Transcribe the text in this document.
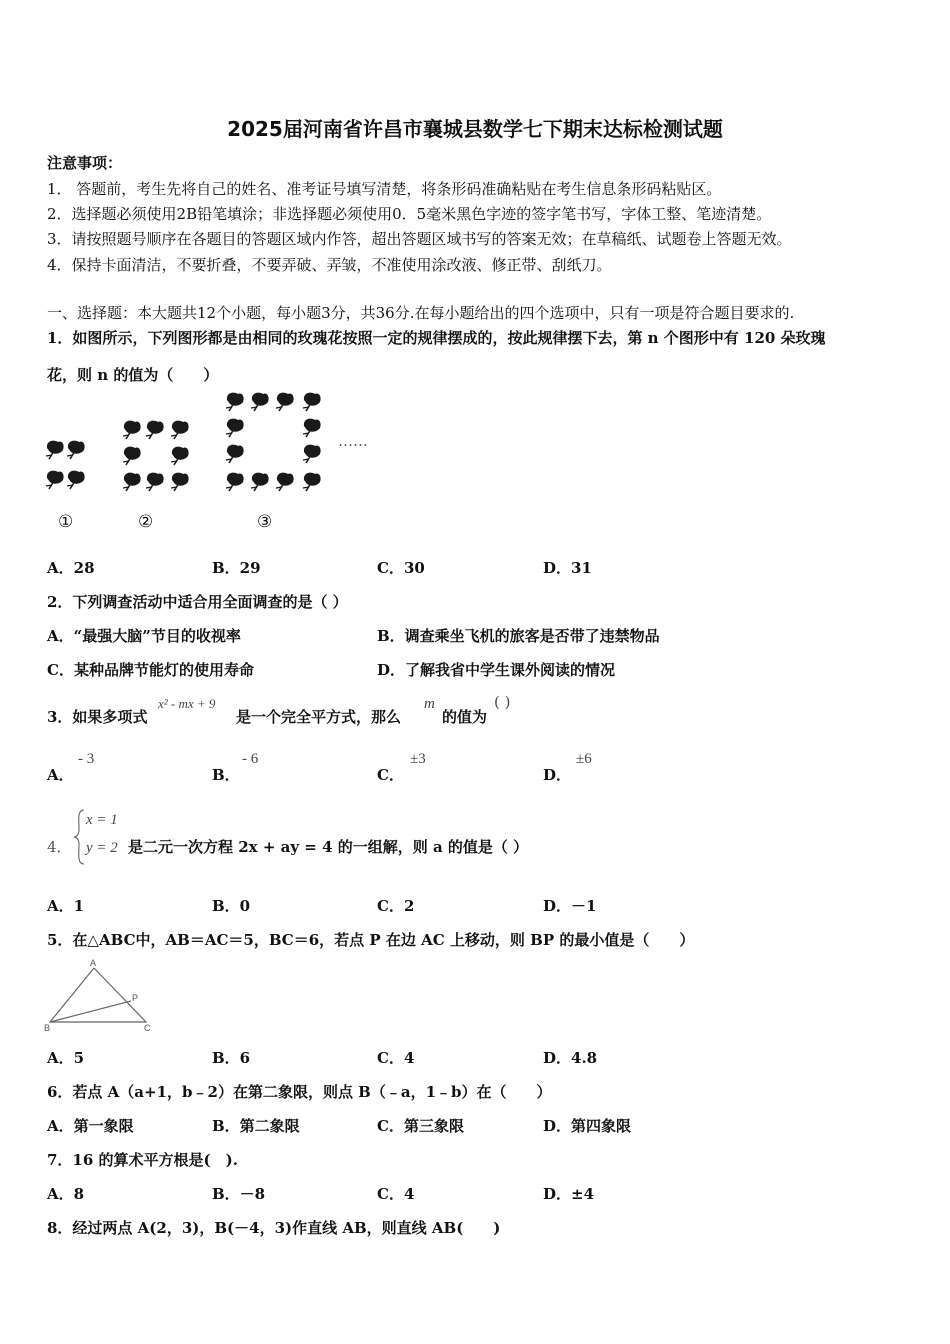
2025届河南省许昌市襄城县数学七下期末达标检测试题
注意事项：
1． 答题前，考生先将自己的姓名、准考证号填写清楚，将条形码准确粘贴在考生信息条形码粘贴区。
2．选择题必须使用2B铅笔填涂；非选择题必须使用0．5毫米黑色字迹的签字笔书写，字体工整、笔迹清楚。
3．请按照题号顺序在各题目的答题区域内作答，超出答题区域书写的答案无效；在草稿纸、试题卷上答题无效。
4．保持卡面清洁，不要折叠，不要弄破、弄皱，不准使用涂改液、修正带、刮纸刀。
一、选择题：本大题共12个小题，每小题3分，共36分.在每小题给出的四个选项中，只有一项是符合题目要求的.
1．如图所示，下列图形都是由相同的玫瑰花按照一定的规律摆成的，按此规律摆下去，第 n 个图形中有 120 朵玫瑰
花，则 n 的值为（　　）
……
①	②	③
A．28	B．29	C．30	D．31
2．下列调查活动中适合用全面调查的是（ ）
A．“最强大脑”节目的收视率	B．调查乘坐飞机的旅客是否带了违禁物品
C．某种品牌节能灯的使用寿命	D．了解我省中学生课外阅读的情况
3．如果多项式
x² - mx + 9
是一个完全平方式，那么
m
的值为
( )
A．
- 3
B．
- 6
C．
±3
D．
±6
4．
x = 1
y = 2 是二元一次方程 2x + ay = 4 的一组解，则 a 的值是（ ）
A．1	B．0	C．2	D．－1
5．在△ABC中，AB＝AC＝5，BC＝6，若点 P 在边 AC 上移动，则 BP 的最小值是（　　）
A
B	C
P
A．5	B．6	C．4	D．4.8
6．若点 A（a+1，b﹣2）在第二象限，则点 B（﹣a，1﹣b）在（　　）
A．第一象限	B．第二象限	C．第三象限	D．第四象限
7．16 的算术平方根是(　).
A．8	B．－8	C．4	D．±4
8．经过两点 A(2，3)，B(－4，3)作直线 AB，则直线 AB(　　)
